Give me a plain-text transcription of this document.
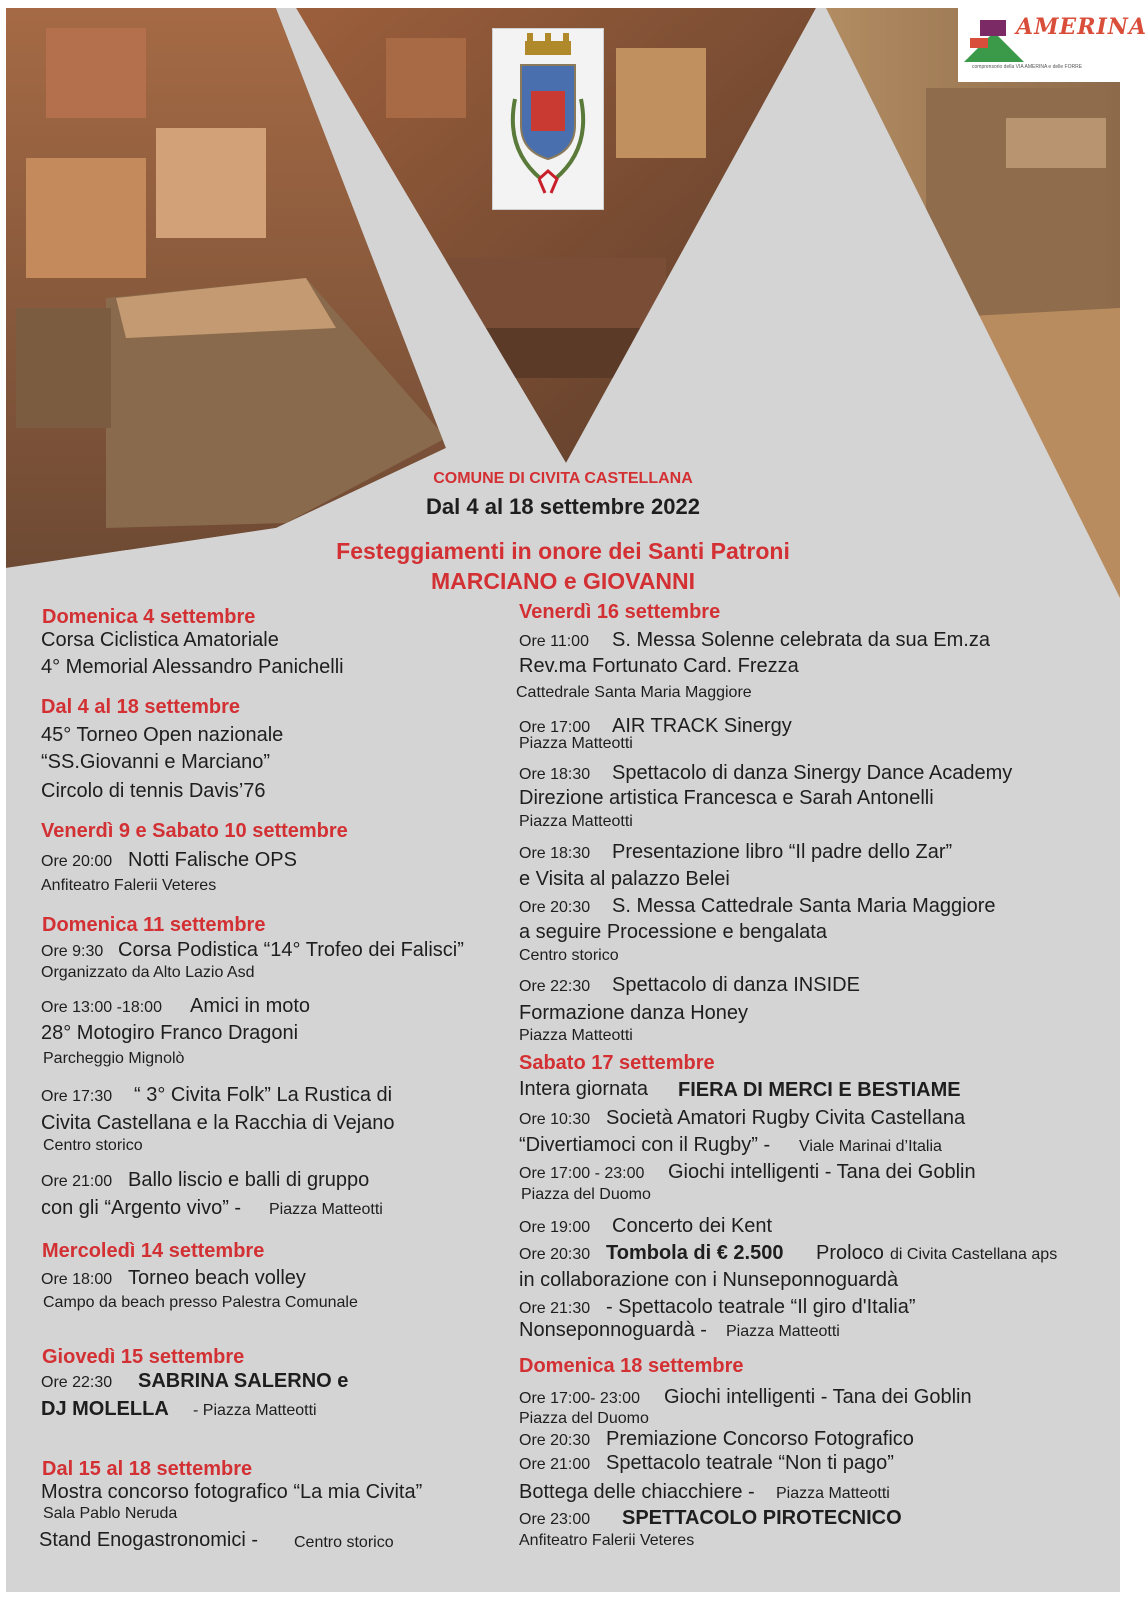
AMERINA
comprensorio della VIA AMERINA e delle FORRE
COMUNE DI CIVITA CASTELLANA
Dal 4 al 18 settembre 2022
Festeggiamenti in onore dei Santi Patroni
MARCIANO e GIOVANNI
Domenica 4 settembre
Corsa Ciclistica Amatoriale
4° Memorial Alessandro Panichelli
Dal 4 al 18 settembre
45° Torneo Open nazionale
“SS.Giovanni e Marciano”
Circolo di tennis Davis’76
Venerdì 9 e Sabato 10 settembre
Ore 20:00 Notti Falische OPS
Anfiteatro Falerii Veteres
Domenica 11 settembre
Ore 9:30 Corsa Podistica “14° Trofeo dei Falisci”
Organizzato da Alto Lazio Asd
Ore 13:00 -18:00 Amici in moto
28° Motogiro Franco Dragoni
Parcheggio Mignolò
Ore 17:30 “ 3° Civita Folk” La Rustica di
Civita Castellana e la Racchia di Vejano
Centro storico
Ore 21:00 Ballo liscio e balli di gruppo
con gli “Argento vivo” - Piazza Matteotti
Mercoledì 14 settembre
Ore 18:00 Torneo beach volley
Campo da beach presso Palestra Comunale
Giovedì 15 settembre
Ore 22:30 SABRINA SALERNO e
DJ MOLELLA - Piazza Matteotti
Dal 15 al 18 settembre
Mostra concorso fotografico “La mia Civita”
Sala Pablo Neruda
Stand Enogastronomici - Centro storico
Venerdì 16 settembre
Ore 11:00 S. Messa Solenne celebrata da sua Em.za
Rev.ma Fortunato Card. Frezza
Cattedrale Santa Maria Maggiore
Ore 17:00 AIR TRACK Sinergy
Piazza Matteotti
Ore 18:30 Spettacolo di danza Sinergy Dance Academy
Direzione artistica Francesca e Sarah Antonelli
Piazza Matteotti
Ore 18:30 Presentazione libro “Il padre dello Zar”
e Visita al palazzo Belei
Ore 20:30 S. Messa Cattedrale Santa Maria Maggiore
a seguire Processione e bengalata
Centro storico
Ore 22:30 Spettacolo di danza INSIDE
Formazione danza Honey
Piazza Matteotti
Sabato 17 settembre
Intera giornata FIERA DI MERCI E BESTIAME
Ore 10:30 Società Amatori Rugby Civita Castellana
“Divertiamoci con il Rugby” - Viale Marinai d’Italia
Ore 17:00 - 23:00 Giochi intelligenti - Tana dei Goblin
Piazza del Duomo
Ore 19:00 Concerto dei Kent
Ore 20:30 Tombola di € 2.500 Proloco di Civita Castellana aps
in collaborazione con i Nunseponnoguardà
Ore 21:30 - Spettacolo teatrale “Il giro d'Italia”
Nonseponnoguardà - Piazza Matteotti
Domenica 18 settembre
Ore 17:00- 23:00 Giochi intelligenti - Tana dei Goblin
Piazza del Duomo
Ore 20:30 Premiazione Concorso Fotografico
Ore 21:00 Spettacolo teatrale “Non ti pago”
Bottega delle chiacchiere - Piazza Matteotti
Ore 23:00 SPETTACOLO PIROTECNICO
Anfiteatro Falerii Veteres
